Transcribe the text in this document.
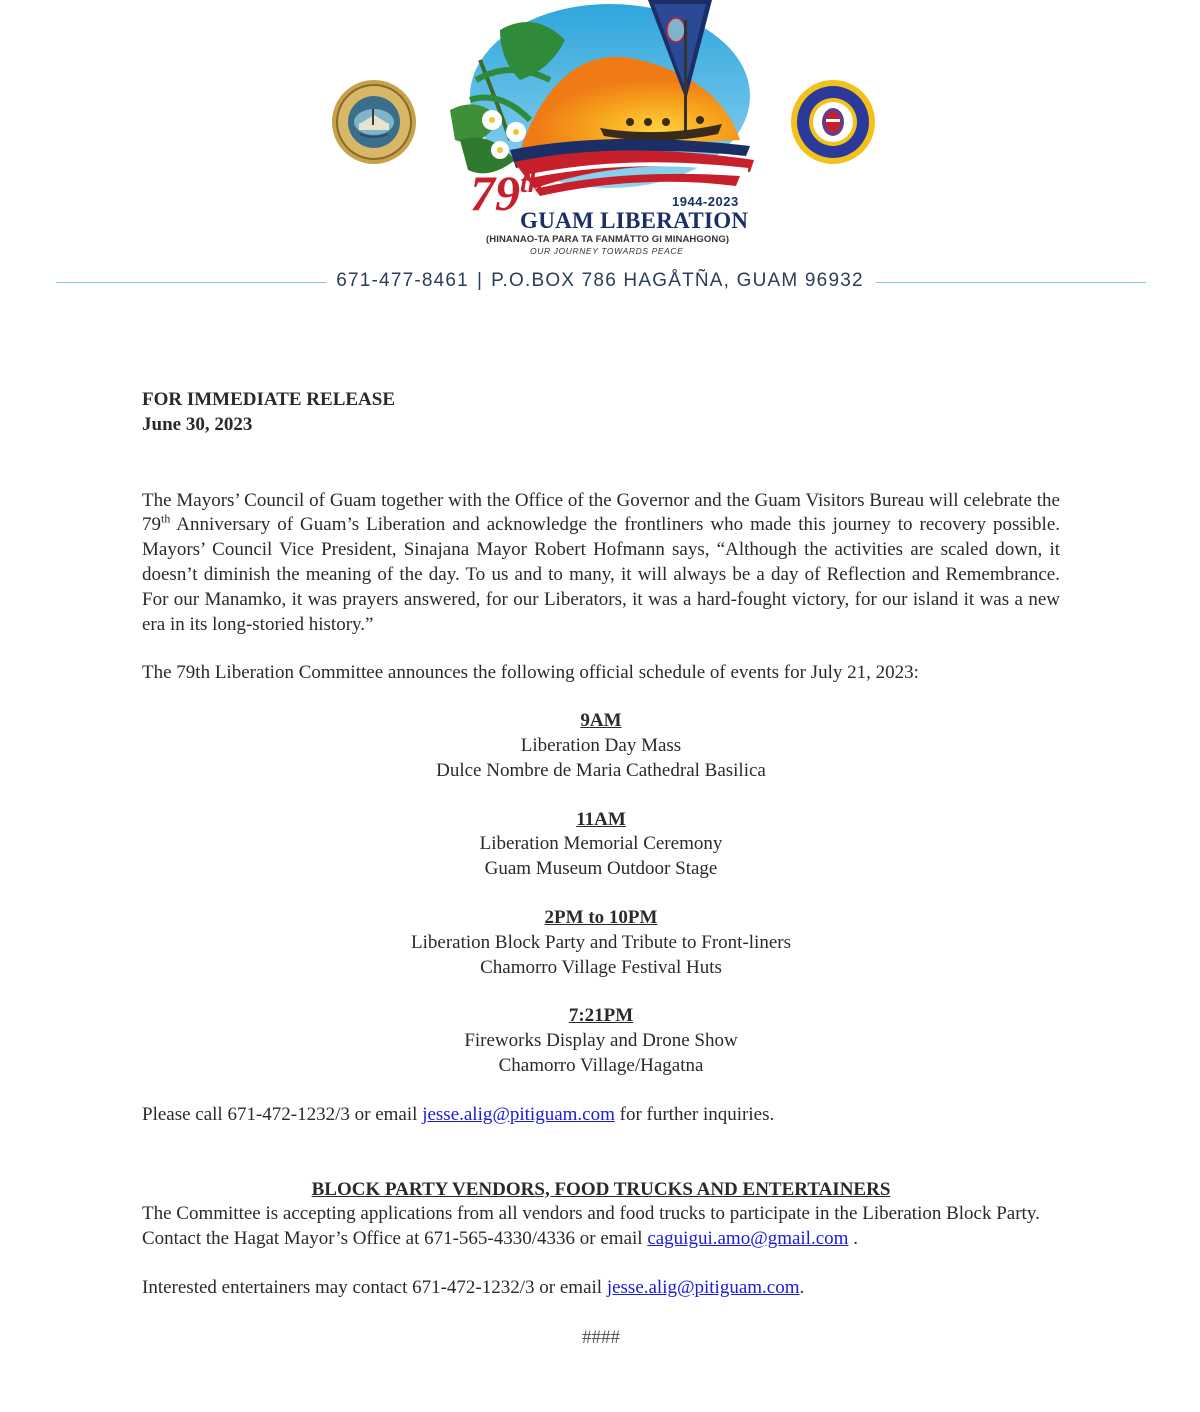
79th
1944-2023
GUAM LIBERATION
(HINANAO-TA PARA TA FANMÅTTO GI MINAHGONG)
OUR JOURNEY TOWARDS PEACE
671-477-8461 | P.O.BOX 786 HAGÅTÑA, GUAM 96932
FOR IMMEDIATE RELEASE
June 30, 2023

The Mayors’ Council of Guam together with the Office of the Governor and the Guam Visitors Bureau will celebrate the 79th Anniversary of Guam’s Liberation and acknowledge the frontliners who made this journey to recovery possible. Mayors’ Council Vice President, Sinajana Mayor Robert Hofmann says, “Although the activities are scaled down, it doesn’t diminish the meaning of the day. To us and to many, it will always be a day of Reflection and Remembrance. For our Manamko, it was prayers answered, for our Liberators, it was a hard-fought victory, for our island it was a new era in its long-storied history.”

The 79th Liberation Committee announces the following official schedule of events for July 21, 2023:

9AM
Liberation Day Mass
Dulce Nombre de Maria Cathedral Basilica
11AM
Liberation Memorial Ceremony
Guam Museum Outdoor Stage
2PM to 10PM
Liberation Block Party and Tribute to Front-liners
Chamorro Village Festival Huts
7:21PM
Fireworks Display and Drone Show
Chamorro Village/Hagatna

Please call 671-472-1232/3 or email jesse.alig@pitiguam.com for further inquiries.

BLOCK PARTY VENDORS, FOOD TRUCKS AND ENTERTAINERS

The Committee is accepting applications from all vendors and food trucks to participate in the Liberation Block Party. Contact the Hagat Mayor’s Office at 671-565-4330/4336 or email caguigui.amo@gmail.com .

Interested entertainers may contact 671-472-1232/3 or email jesse.alig@pitiguam.com.

####
